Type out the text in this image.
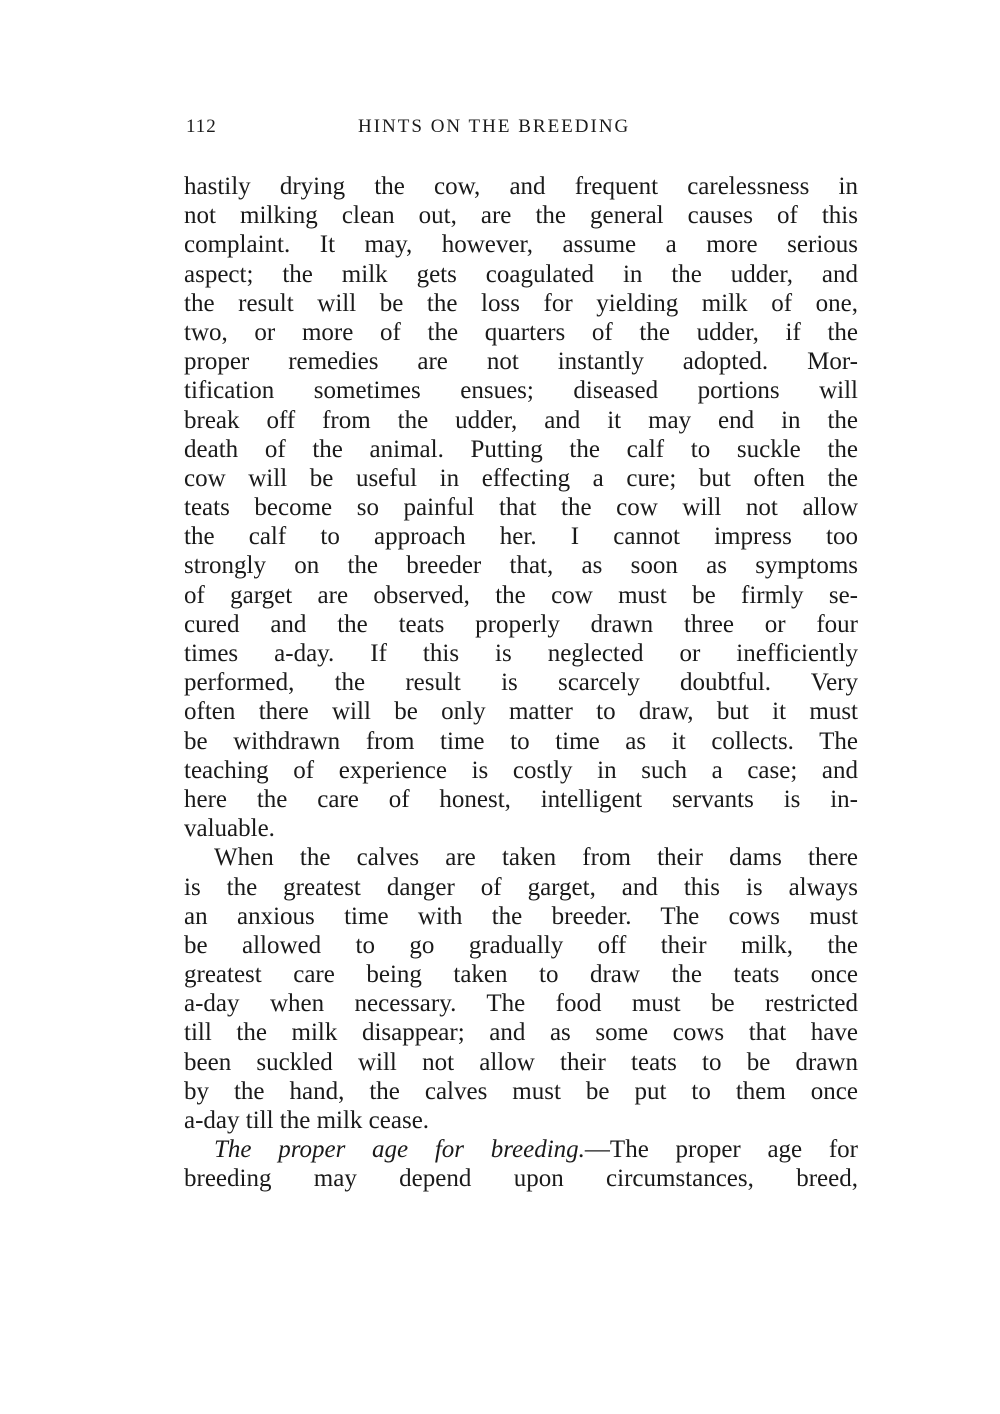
112	HINTS ON THE BREEDING
hastily drying the cow, and frequent carelessness in
not milking clean out, are the general causes of this
complaint. It may, however, assume a more serious
aspect; the milk gets coagulated in the udder, and
the result will be the loss for yielding milk of one,
two, or more of the quarters of the udder, if the
proper remedies are not instantly adopted. Mor-
tification sometimes ensues; diseased portions will
break off from the udder, and it may end in the
death of the animal. Putting the calf to suckle the
cow will be useful in effecting a cure; but often the
teats become so painful that the cow will not allow
the calf to approach her. I cannot impress too
strongly on the breeder that, as soon as symptoms
of garget are observed, the cow must be firmly se-
cured and the teats properly drawn three or four
times a-day. If this is neglected or inefficiently
performed, the result is scarcely doubtful. Very
often there will be only matter to draw, but it must
be withdrawn from time to time as it collects. The
teaching of experience is costly in such a case; and
here the care of honest, intelligent servants is in-
valuable.
When the calves are taken from their dams there
is the greatest danger of garget, and this is always
an anxious time with the breeder. The cows must
be allowed to go gradually off their milk, the
greatest care being taken to draw the teats once
a-day when necessary. The food must be restricted
till the milk disappear; and as some cows that have
been suckled will not allow their teats to be drawn
by the hand, the calves must be put to them once
a-day till the milk cease.
The proper age for breeding.—The proper age for
breeding may depend upon circumstances, breed,
